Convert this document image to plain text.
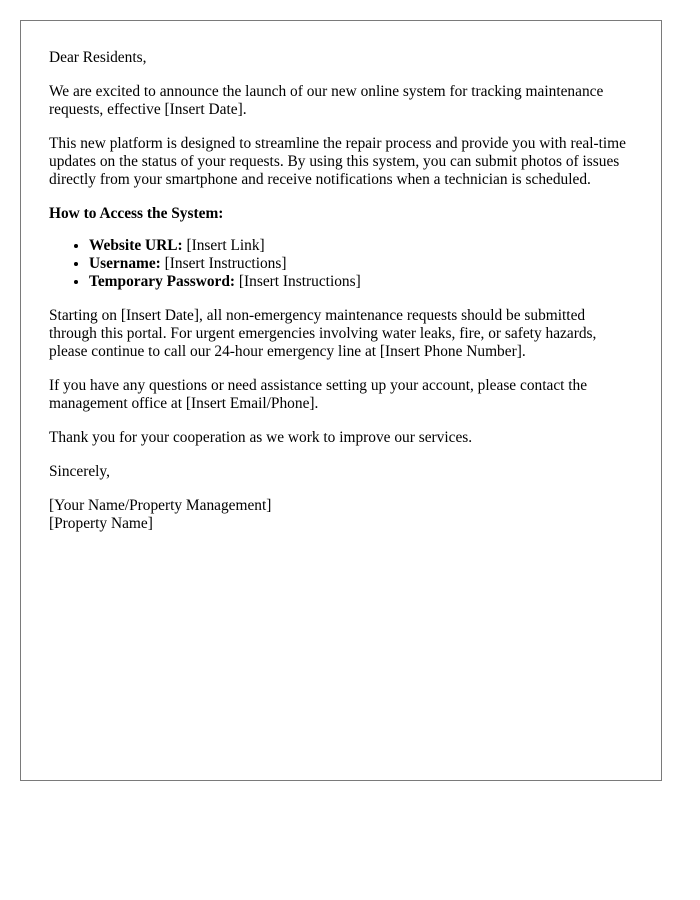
Dear Residents,

We are excited to announce the launch of our new online system for tracking maintenance requests, effective [Insert Date].

This new platform is designed to streamline the repair process and provide you with real-time updates on the status of your requests. By using this system, you can submit photos of issues directly from your smartphone and receive notifications when a technician is scheduled.

How to Access the System:

• Website URL: [Insert Link]
• Username: [Insert Instructions]
• Temporary Password: [Insert Instructions]

Starting on [Insert Date], all non-emergency maintenance requests should be submitted through this portal. For urgent emergencies involving water leaks, fire, or safety hazards, please continue to call our 24-hour emergency line at [Insert Phone Number].

If you have any questions or need assistance setting up your account, please contact the management office at [Insert Email/Phone].

Thank you for your cooperation as we work to improve our services.

Sincerely,

[Your Name/Property Management]
[Property Name]
